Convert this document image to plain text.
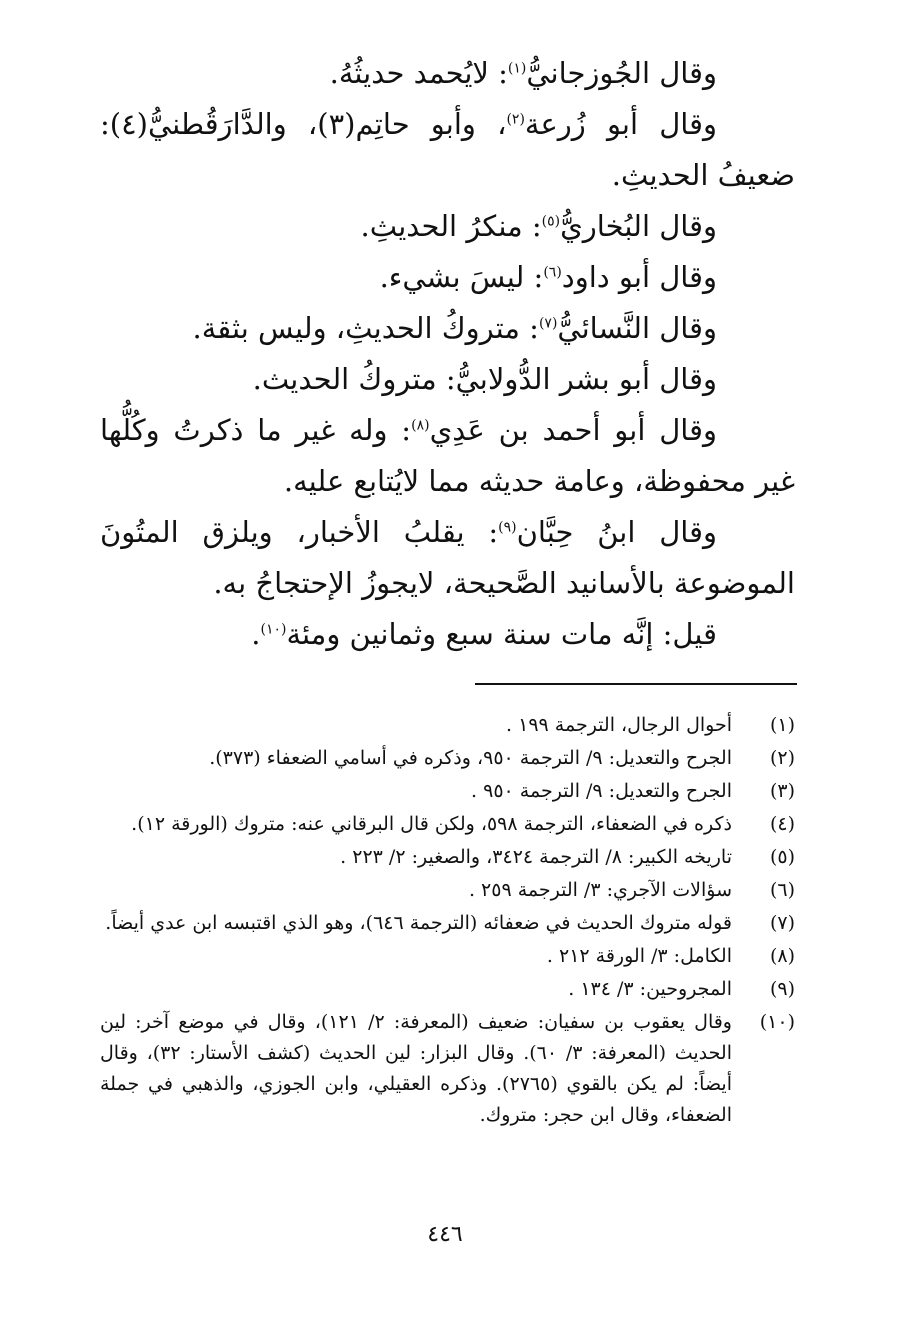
وقال الجُوزجانيُّ$^{(١)}$: لايُحمد حديثُهُ.

وقال أبو زُرعة$^{(٢)}$، وأبو حاتِم(٣)، والدَّارَقُطنيُّ(٤): ضعيفُ الحديثِ.

وقال البُخاريُّ$^{(٥)}$: منكرُ الحديثِ.

وقال أبو داود$^{(٦)}$: ليسَ بشيء.

وقال النَّسائيُّ$^{(٧)}$: متروكُ الحديثِ، وليس بثقة.

وقال أبو بشر الدُّولابيُّ: متروكُ الحديث.

وقال أبو أحمد بن عَدِي$^{(٨)}$: وله غير ما ذكرتُ وكُلُّها غير محفوظة، وعامة حديثه مما لايُتابع عليه.

وقال ابنُ حِبَّان$^{(٩)}$: يقلبُ الأخبار، ويلزق المتُونَ الموضوعة بالأسانيد الصَّحيحة، لايجوزُ الإحتجاجُ به.

قيل: إنَّه مات سنة سبع وثمانين ومئة$^{(١٠)}$.

(١)
أحوال الرجال، الترجمة ١٩٩ .
(٢)
الجرح والتعديل: ٩/ الترجمة ٩٥٠، وذكره في أسامي الضعفاء (٣٧٣).
(٣)
الجرح والتعديل: ٩/ الترجمة ٩٥٠ .
(٤)
ذكره في الضعفاء، الترجمة ٥٩٨، ولكن قال البرقاني عنه: متروك (الورقة ١٢).
(٥)
تاريخه الكبير: ٨/ الترجمة ٣٤٢٤، والصغير: ٢/ ٢٢٣ .
(٦)
سؤالات الآجري: ٣/ الترجمة ٢٥٩ .
(٧)
قوله متروك الحديث في ضعفائه (الترجمة ٦٤٦)، وهو الذي اقتبسه ابن عدي أيضاً.
(٨)
الكامل: ٣/ الورقة ٢١٢ .
(٩)
المجروحين: ٣/ ١٣٤ .
(١٠)
وقال يعقوب بن سفيان: ضعيف (المعرفة: ٢/ ١٢١)، وقال في موضع آخر: لين الحديث (المعرفة: ٣/ ٦٠). وقال البزار: لين الحديث (كشف الأستار: ٣٢)، وقال أيضاً: لم يكن بالقوي (٢٧٦٥). وذكره العقيلي، وابن الجوزي، والذهبي في جملة الضعفاء، وقال ابن حجر: متروك.
٤٤٦
